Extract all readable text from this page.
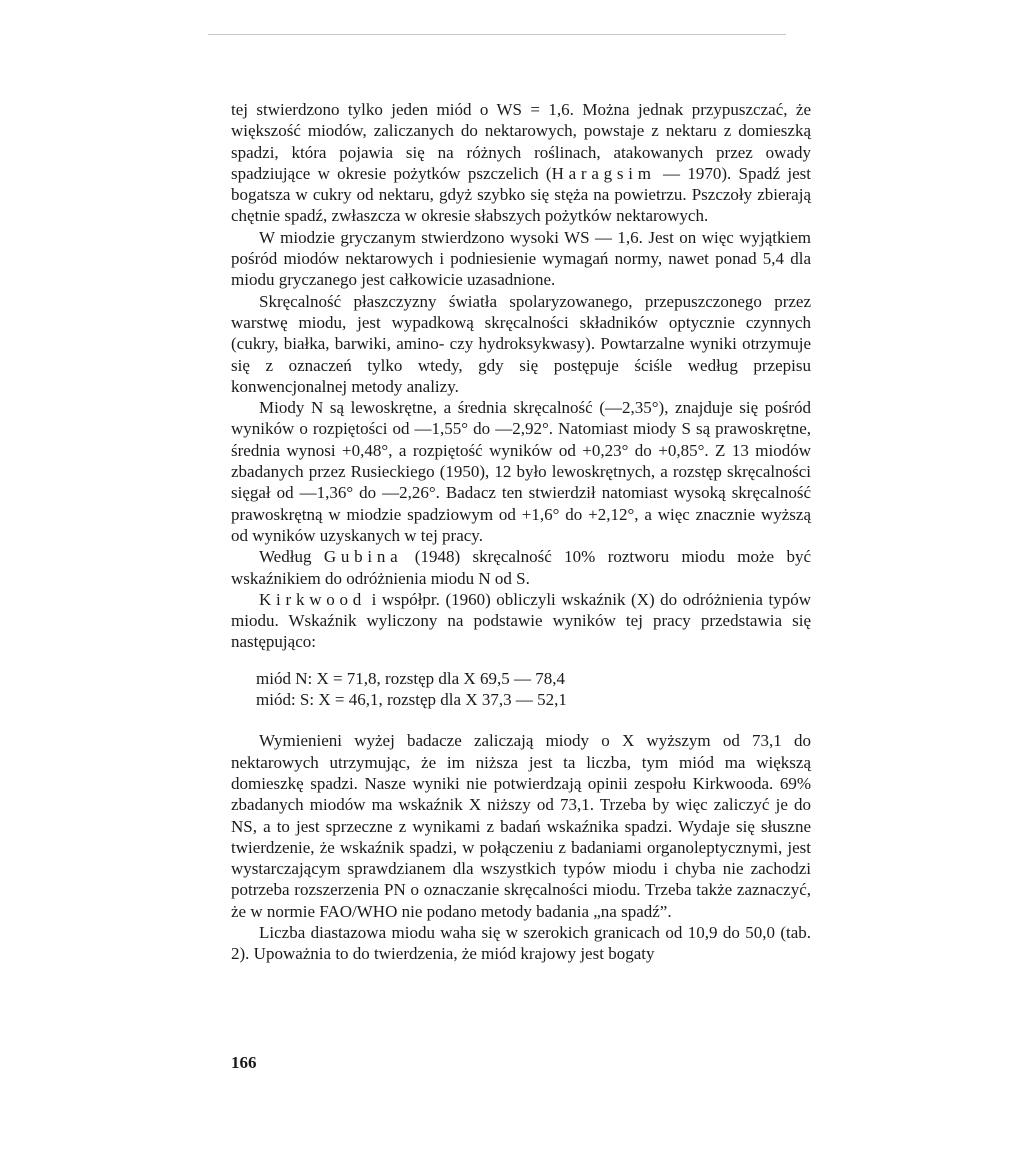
tej stwierdzono tylko jeden miód o WS = 1,6. Można jednak przypuszczać, że większość miodów, zaliczanych do nektarowych, powstaje z nektaru z domieszką spadzi, która pojawia się na różnych roślinach, atakowanych przez owady spadziujące w okresie pożytków pszczelich (Haragsim — 1970). Spadź jest bogatsza w cukry od nektaru, gdyż szybko się stęża na powietrzu. Pszczoły zbierają chętnie spadź, zwłaszcza w okresie słabszych pożytków nektarowych.

W miodzie gryczanym stwierdzono wysoki WS — 1,6. Jest on więc wyjątkiem pośród miodów nektarowych i podniesienie wymagań normy, nawet ponad 5,4 dla miodu gryczanego jest całkowicie uzasadnione.

Skręcalność płaszczyzny światła spolaryzowanego, przepuszczonego przez warstwę miodu, jest wypadkową skręcalności składników optycznie czynnych (cukry, białka, barwiki, amino- czy hydroksykwasy). Powtarzalne wyniki otrzymuje się z oznaczeń tylko wtedy, gdy się postępuje ściśle według przepisu konwencjonalnej metody analizy.

Miody N są lewoskrętne, a średnia skręcalność (—2,35°), znajduje się pośród wyników o rozpiętości od —1,55° do —2,92°. Natomiast miody S są prawoskrętne, średnia wynosi +0,48°, a rozpiętość wyników od +0,23° do +0,85°. Z 13 miodów zbadanych przez Rusieckiego (1950), 12 było lewoskrętnych, a rozstęp skręcalności sięgał od —1,36° do —2,26°. Badacz ten stwierdził natomiast wysoką skręcalność prawoskrętną w miodzie spadziowym od +1,6° do +2,12°, a więc znacznie wyższą od wyników uzyskanych w tej pracy.

Według Gubina (1948) skręcalność 10% roztworu miodu może być wskaźnikiem do odróżnienia miodu N od S.

Kirkwood i współpr. (1960) obliczyli wskaźnik (X) do odróżnienia typów miodu. Wskaźnik wyliczony na podstawie wyników tej pracy przedstawia się następująco:

miód N: X = 71,8, rozstęp dla X 69,5 — 78,4
miód: S: X = 46,1, rozstęp dla X 37,3 — 52,1

Wymienieni wyżej badacze zaliczają miody o X wyższym od 73,1 do nektarowych utrzymując, że im niższa jest ta liczba, tym miód ma większą domieszkę spadzi. Nasze wyniki nie potwierdzają opinii zespołu Kirkwooda. 69% zbadanych miodów ma wskaźnik X niższy od 73,1. Trzeba by więc zaliczyć je do NS, a to jest sprzeczne z wynikami z badań wskaźnika spadzi. Wydaje się słuszne twierdzenie, że wskaźnik spadzi, w połączeniu z badaniami organoleptycznymi, jest wystarczającym sprawdzianem dla wszystkich typów miodu i chyba nie zachodzi potrzeba rozszerzenia PN o oznaczanie skręcalności miodu. Trzeba także zaznaczyć, że w normie FAO/WHO nie podano metody badania „na spadź”.

Liczba diastazowa miodu waha się w szerokich granicach od 10,9 do 50,0 (tab. 2). Upoważnia to do twierdzenia, że miód krajowy jest bogaty

166
